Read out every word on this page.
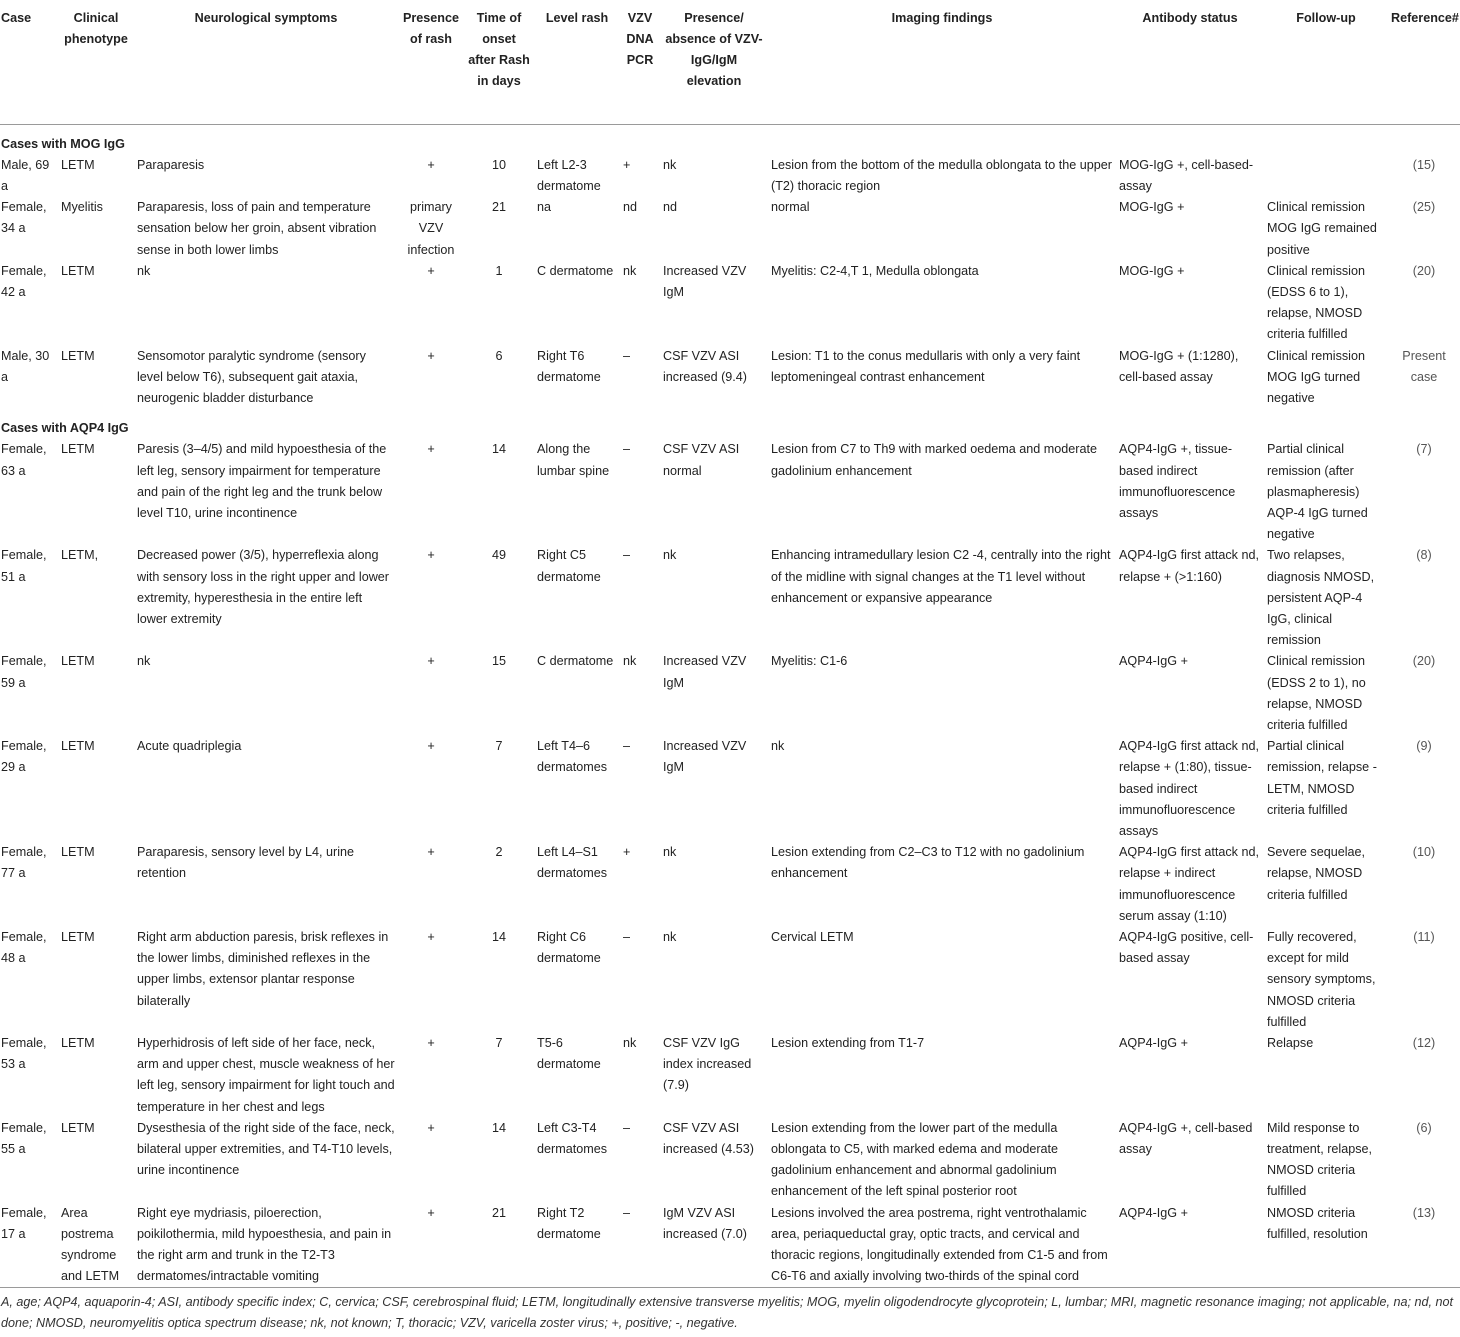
Case	Clinical phenotype	Neurological symptoms	Presence of rash	Time of onset after Rash in days	Level rash	VZV DNA PCR	Presence/ absence of VZV-IgG/IgM elevation	Imaging findings	Antibody status	Follow-up	Reference#
Cases with MOG IgG											
Male, 69 a	LETM	Paraparesis	+	10	Left L2-3 dermatome	+	nk	Lesion from the bottom of the medulla oblongata to the upper (T2) thoracic region	MOG-IgG +, cell-based-assay		(15)
Female, 34 a	Myelitis	Paraparesis, loss of pain and temperature sensation below her groin, absent vibration sense in both lower limbs	primary VZV infection	21	na	nd	nd	normal	MOG-IgG +	Clinical remission MOG IgG remained positive	(25)
Female, 42 a	LETM	nk	+	1	C dermatome	nk	Increased VZV IgM	Myelitis: C2-4,T 1, Medulla oblongata	MOG-IgG +	Clinical remission (EDSS 6 to 1), relapse, NMOSD criteria fulfilled	(20)
Male, 30 a	LETM	Sensomotor paralytic syndrome (sensory level below T6), subsequent gait ataxia, neurogenic bladder disturbance	+	6	Right T6 dermatome	–	CSF VZV ASI increased (9.4)	Lesion: T1 to the conus medullaris with only a very faint leptomeningeal contrast enhancement	MOG-IgG + (1:1280), cell-based assay	Clinical remission MOG IgG turned negative	Present case
Cases with AQP4 IgG											
Female, 63 a	LETM	Paresis (3–4/5) and mild hypoesthesia of the left leg, sensory impairment for temperature and pain of the right leg and the trunk below level T10, urine incontinence	+	14	Along the lumbar spine	–	CSF VZV ASI normal	Lesion from C7 to Th9 with marked oedema and moderate gadolinium enhancement	AQP4-IgG +, tissue-based indirect immunofluorescence assays	Partial clinical remission (after plasmapheresis) AQP-4 IgG turned negative	(7)
Female, 51 a	LETM,	Decreased power (3/5), hyperreflexia along with sensory loss in the right upper and lower extremity, hyperesthesia in the entire left lower extremity	+	49	Right C5 dermatome	–	nk	Enhancing intramedullary lesion C2 -4, centrally into the right of the midline with signal changes at the T1 level without enhancement or expansive appearance	AQP4-IgG first attack nd, relapse + (>1:160)	Two relapses, diagnosis NMOSD, persistent AQP-4 IgG, clinical remission	(8)
Female, 59 a	LETM	nk	+	15	C dermatome	nk	Increased VZV IgM	Myelitis: C1-6	AQP4-IgG +	Clinical remission (EDSS 2 to 1), no relapse, NMOSD criteria fulfilled	(20)
Female, 29 a	LETM	Acute quadriplegia	+	7	Left T4–6 dermatomes	–	Increased VZV IgM	nk	AQP4-IgG first attack nd, relapse + (1:80), tissue-based indirect immunofluorescence assays	Partial clinical remission, relapse - LETM, NMOSD criteria fulfilled	(9)
Female, 77 a	LETM	Paraparesis, sensory level by L4, urine retention	+	2	Left L4–S1 dermatomes	+	nk	Lesion extending from C2–C3 to T12 with no gadolinium enhancement	AQP4-IgG first attack nd, relapse + indirect immunofluorescence serum assay (1:10)	Severe sequelae, relapse, NMOSD criteria fulfilled	(10)
Female, 48 a	LETM	Right arm abduction paresis, brisk reflexes in the lower limbs, diminished reflexes in the upper limbs, extensor plantar response bilaterally	+	14	Right C6 dermatome	–	nk	Cervical LETM	AQP4-IgG positive, cell-based assay	Fully recovered, except for mild sensory symptoms, NMOSD criteria fulfilled	(11)
Female, 53 a	LETM	Hyperhidrosis of left side of her face, neck, arm and upper chest, muscle weakness of her left leg, sensory impairment for light touch and temperature in her chest and legs	+	7	T5-6 dermatome	nk	CSF VZV IgG index increased (7.9)	Lesion extending from T1-7	AQP4-IgG +	Relapse	(12)
Female, 55 a	LETM	Dysesthesia of the right side of the face, neck, bilateral upper extremities, and T4-T10 levels, urine incontinence	+	14	Left C3-T4 dermatomes	–	CSF VZV ASI increased (4.53)	Lesion extending from the lower part of the medulla oblongata to C5, with marked edema and moderate gadolinium enhancement and abnormal gadolinium enhancement of the left spinal posterior root	AQP4-IgG +, cell-based assay	Mild response to treatment, relapse, NMOSD criteria fulfilled	(6)
Female, 17 a	Area postrema syndrome and LETM	Right eye mydriasis, piloerection, poikilothermia, mild hypoesthesia, and pain in the right arm and trunk in the T2-T3 dermatomes/intractable vomiting	+	21	Right T2 dermatome	–	IgM VZV ASI increased (7.0)	Lesions involved the area postrema, right ventrothalamic area, periaqueductal gray, optic tracts, and cervical and thoracic regions, longitudinally extended from C1-5 and from C6-T6 and axially involving two-thirds of the spinal cord	AQP4-IgG +	NMOSD criteria fulfilled, resolution	(13)
A, age; AQP4, aquaporin-4; ASI, antibody specific index; C, cervica; CSF, cerebrospinal fluid; LETM, longitudinally extensive transverse myelitis; MOG, myelin oligodendrocyte glycoprotein; L, lumbar; MRI, magnetic resonance imaging; not applicable, na; nd, not done; NMOSD, neuromyelitis optica spectrum disease; nk, not known; T, thoracic; VZV, varicella zoster virus; +, positive; -, negative.
